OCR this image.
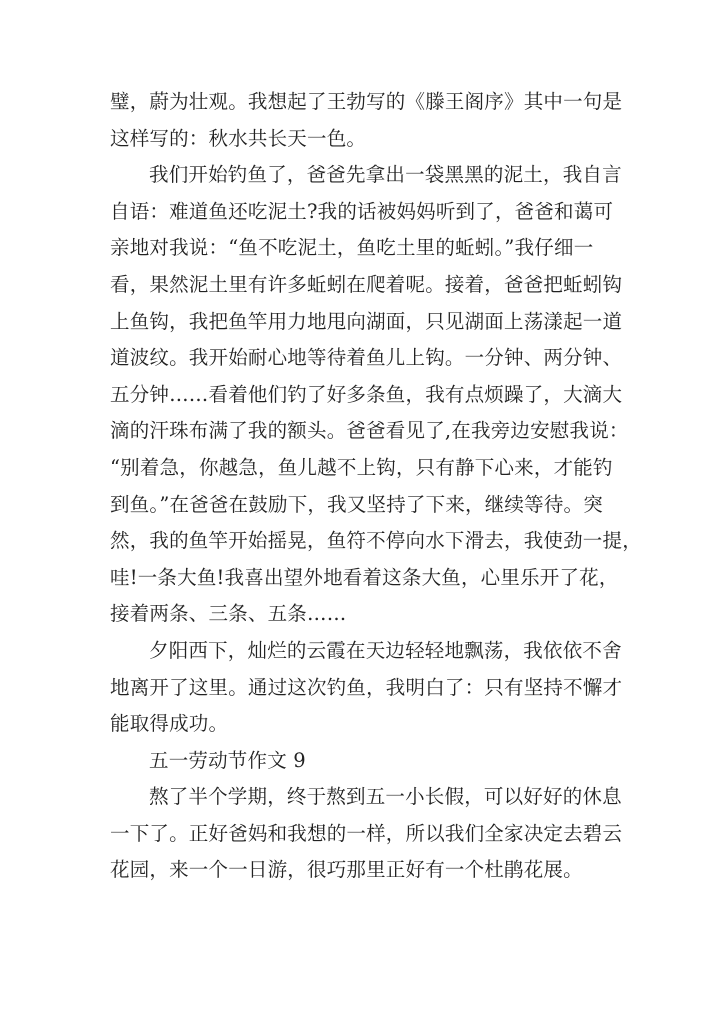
璧，蔚为壮观。我想起了王勃写的《滕王阁序》其中一句是
这样写的：秋水共长天一色。
我们开始钓鱼了，爸爸先拿出一袋黑黑的泥土，我自言
自语：难道鱼还吃泥土?我的话被妈妈听到了，爸爸和蔼可
亲地对我说：“鱼不吃泥土，鱼吃土里的蚯蚓。”我仔细一
看，果然泥土里有许多蚯蚓在爬着呢。接着，爸爸把蚯蚓钩
上鱼钩，我把鱼竿用力地甩向湖面，只见湖面上荡漾起一道
道波纹。我开始耐心地等待着鱼儿上钩。一分钟、两分钟、
五分钟……看着他们钓了好多条鱼，我有点烦躁了，大滴大
滴的汗珠布满了我的额头。爸爸看见了,在我旁边安慰我说：
“别着急，你越急，鱼儿越不上钩，只有静下心来，才能钓
到鱼。”在爸爸在鼓励下，我又坚持了下来，继续等待。突
然，我的鱼竿开始摇晃，鱼符不停向水下滑去，我使劲一提，
哇!一条大鱼!我喜出望外地看着这条大鱼，心里乐开了花，
接着两条、三条、五条……
夕阳西下，灿烂的云霞在天边轻轻地飘荡，我依依不舍
地离开了这里。通过这次钓鱼，我明白了：只有坚持不懈才
能取得成功。
五一劳动节作文 9
熬了半个学期，终于熬到五一小长假，可以好好的休息
一下了。正好爸妈和我想的一样，所以我们全家决定去碧云
花园，来一个一日游，很巧那里正好有一个杜鹃花展。
